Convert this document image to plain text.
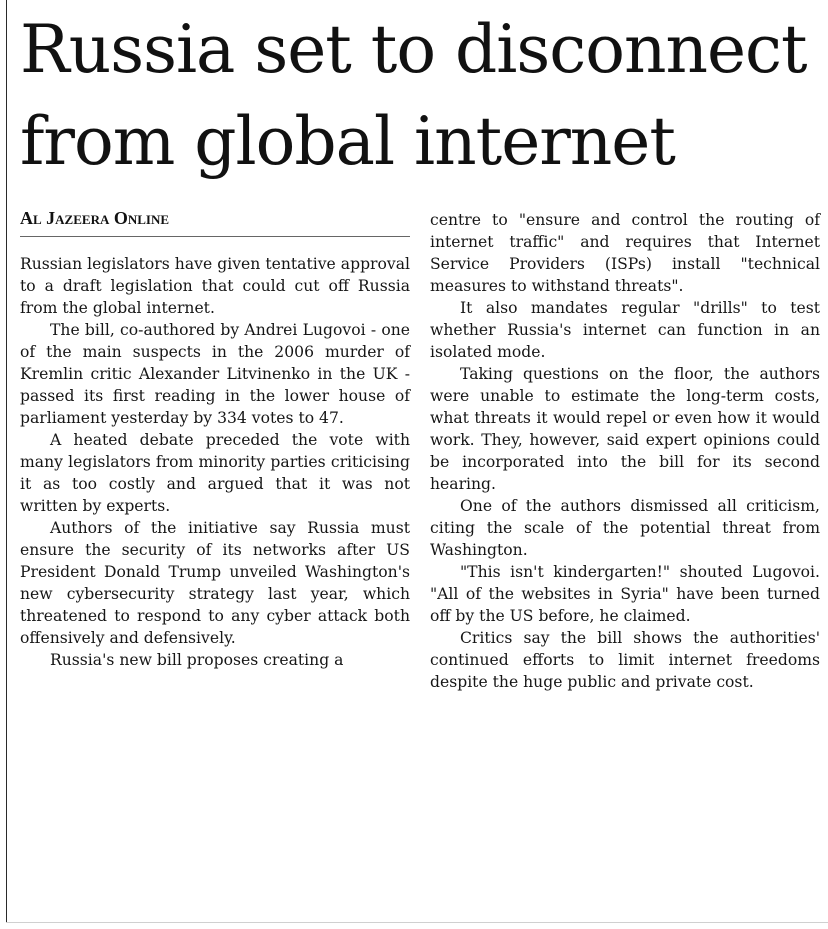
Russia set to disconnect from global internet
Al Jazeera Online

Russian legislators have given tentative approval to a draft legislation that could cut off Russia from the global internet.

The bill, co-authored by Andrei Lugovoi - one of the main suspects in the 2006 murder of Kremlin critic Alexander Litvinenko in the UK - passed its first reading in the lower house of parliament yesterday by 334 votes to 47.

A heated debate preceded the vote with many legislators from minority parties criticising it as too costly and argued that it was not written by experts.

Authors of the initiative say Russia must ensure the security of its networks after US President Donald Trump unveiled Washington's new cybersecurity strategy last year, which threatened to respond to any cyber attack both offensively and defensively.

Russia's new bill proposes creating a

centre to "ensure and control the routing of internet traffic" and requires that Internet Service Providers (ISPs) install "technical measures to withstand threats".

It also mandates regular "drills" to test whether Russia's internet can function in an isolated mode.

Taking questions on the floor, the authors were unable to estimate the long-term costs, what threats it would repel or even how it would work. They, however, said expert opinions could be incorporated into the bill for its second hearing.

One of the authors dismissed all criticism, citing the scale of the potential threat from Washington.

"This isn't kindergarten!" shouted Lugovoi. "All of the websites in Syria" have been turned off by the US before, he claimed.

Critics say the bill shows the authorities' continued efforts to limit internet freedoms despite the huge public and private cost.
